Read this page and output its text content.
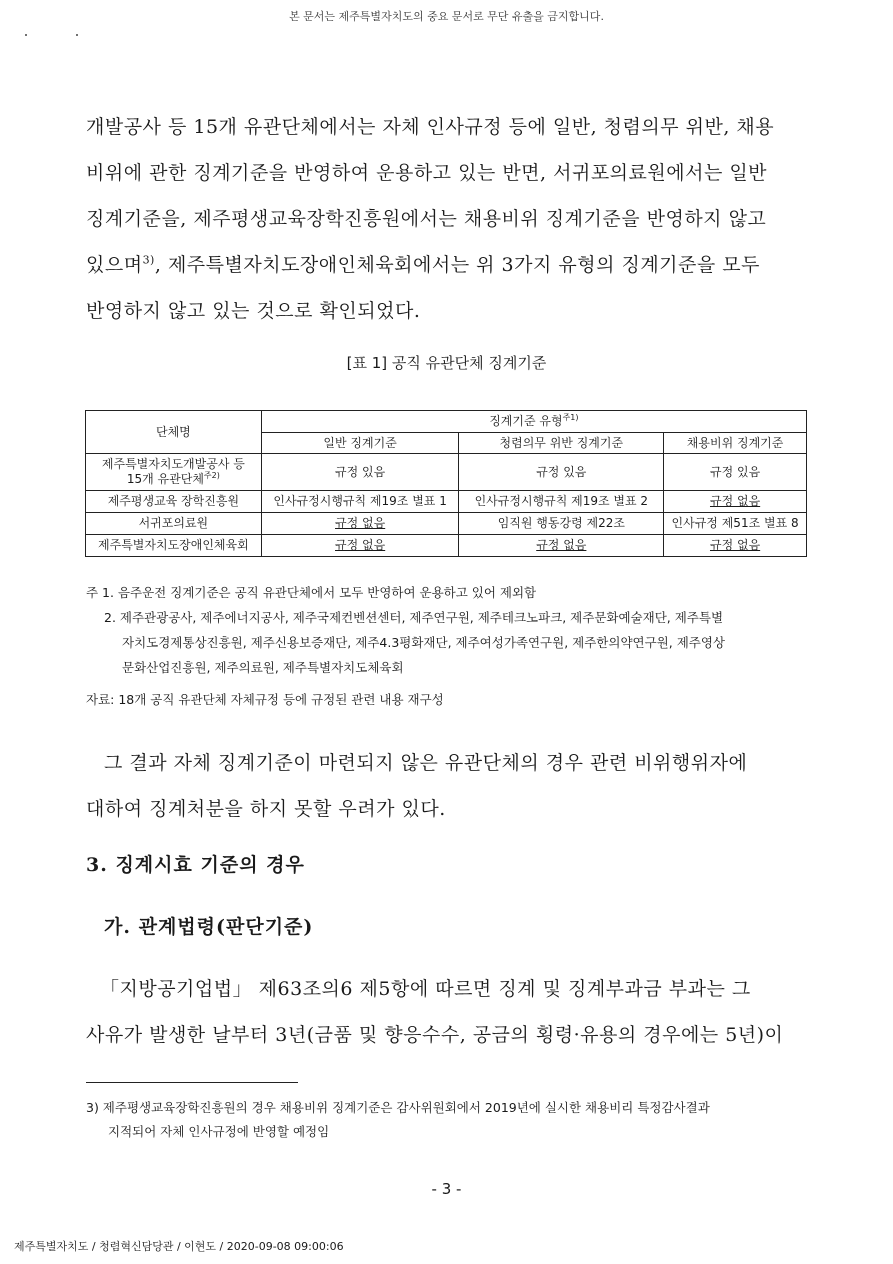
본 문서는 제주특별자치도의 중요 문서로 무단 유출을 금지합니다.
개발공사 등 15개 유관단체에서는 자체 인사규정 등에 일반, 청렴의무 위반, 채용
비위에 관한 징계기준을 반영하여 운용하고 있는 반면, 서귀포의료원에서는 일반
징계기준을, 제주평생교육장학진흥원에서는 채용비위 징계기준을 반영하지 않고
있으며$^{3)}$, 제주특별자치도장애인체육회에서는 위 3가지 유형의 징계기준을 모두
반영하지 않고 있는 것으로 확인되었다.
[표 1] 공직 유관단체 징계기준
단체명	징계기준 유형$^{주1)}$
	일반 징계기준	청렴의무 위반 징계기준	채용비위 징계기준
제주특별자치도개발공사 등
15개 유관단체$^{주2)}$	규정 있음	규정 있음	규정 있음
제주평생교육 장학진흥원	인사규정시행규칙 제19조 별표 1	인사규정시행규칙 제19조 별표 2	규정 없음
서귀포의료원	규정 없음	임직원 행동강령 제22조	인사규정 제51조 별표 8
제주특별자치도장애인체육회	규정 없음	규정 없음	규정 없음
주 1. 음주운전 징계기준은 공직 유관단체에서 모두 반영하여 운용하고 있어 제외함
2. 제주관광공사, 제주에너지공사, 제주국제컨벤션센터, 제주연구원, 제주테크노파크, 제주문화예술재단, 제주특별
자치도경제통상진흥원, 제주신용보증재단, 제주4.3평화재단, 제주여성가족연구원, 제주한의약연구원, 제주영상
문화산업진흥원, 제주의료원, 제주특별자치도체육회
자료: 18개 공직 유관단체 자체규정 등에 규정된 관련 내용 재구성
그 결과 자체 징계기준이 마련되지 않은 유관단체의 경우 관련 비위행위자에
대하여 징계처분을 하지 못할 우려가 있다.
3. 징계시효 기준의 경우
가. 관계법령(판단기준)
「지방공기업법」 제63조의6 제5항에 따르면 징계 및 징계부과금 부과는 그
사유가 발생한 날부터 3년(금품 및 향응수수, 공금의 횡령·유용의 경우에는 5년)이
3) 제주평생교육장학진흥원의 경우 채용비위 징계기준은 감사위원회에서 2019년에 실시한 채용비리 특정감사결과
지적되어 자체 인사규정에 반영할 예정임
- 3 -
제주특별자치도 / 청렴혁신담당관 / 이현도 / 2020-09-08 09:00:06
